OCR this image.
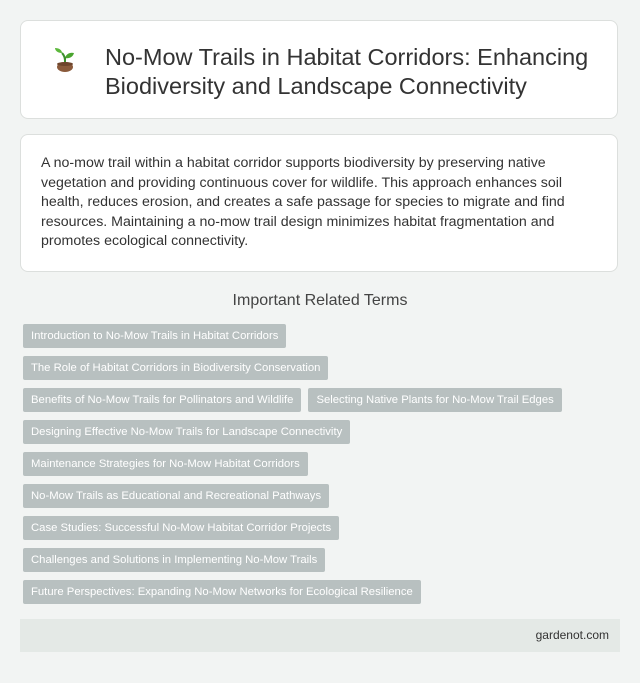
No-Mow Trails in Habitat Corridors: Enhancing Biodiversity and Landscape Connectivity

A no-mow trail within a habitat corridor supports biodiversity by preserving native vegetation and providing continuous cover for wildlife. This approach enhances soil health, reduces erosion, and creates a safe passage for species to migrate and find resources. Maintaining a no-mow trail design minimizes habitat fragmentation and promotes ecological connectivity.

Important Related Terms
Introduction to No-Mow Trails in Habitat Corridors
The Role of Habitat Corridors in Biodiversity Conservation
Benefits of No-Mow Trails for Pollinators and Wildlife	Selecting Native Plants for No-Mow Trail Edges
Designing Effective No-Mow Trails for Landscape Connectivity
Maintenance Strategies for No-Mow Habitat Corridors
No-Mow Trails as Educational and Recreational Pathways
Case Studies: Successful No-Mow Habitat Corridor Projects
Challenges and Solutions in Implementing No-Mow Trails
Future Perspectives: Expanding No-Mow Networks for Ecological Resilience
gardenot.com
